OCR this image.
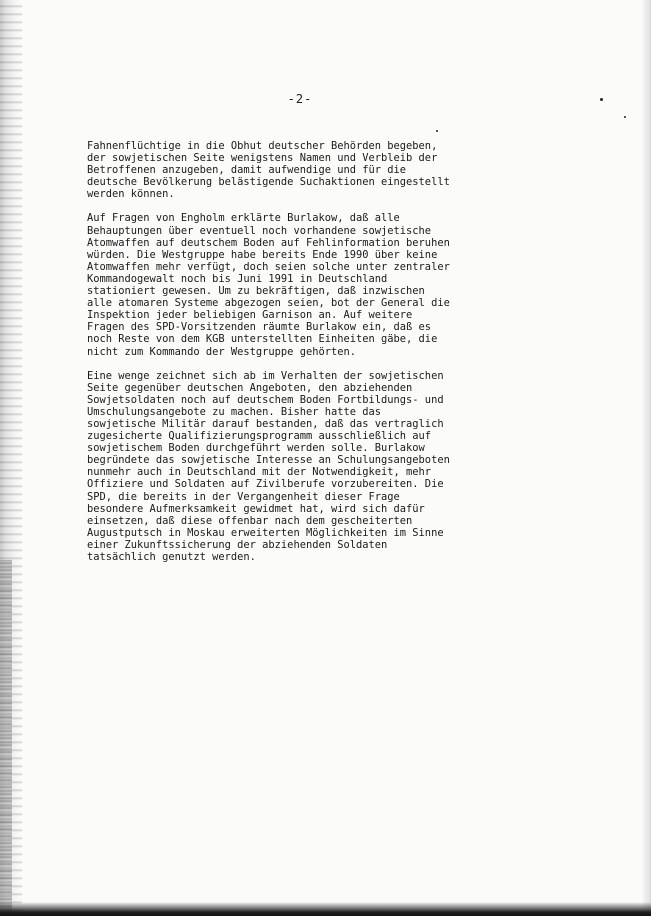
-2-
Fahnenflüchtige in die Obhut deutscher Behörden begeben,
der sowjetischen Seite wenigstens Namen und Verbleib der
Betroffenen anzugeben, damit aufwendige und für die
deutsche Bevölkerung belästigende Suchaktionen eingestellt
werden können.
Auf Fragen von Engholm erklärte Burlakow, daß alle
Behauptungen über eventuell noch vorhandene sowjetische
Atomwaffen auf deutschem Boden auf Fehlinformation beruhen
würden. Die Westgruppe habe bereits Ende 1990 über keine
Atomwaffen mehr verfügt, doch seien solche unter zentraler
Kommandogewalt noch bis Juni 1991 in Deutschland
stationiert gewesen. Um zu bekräftigen, daß inzwischen
alle atomaren Systeme abgezogen seien, bot der General die
Inspektion jeder beliebigen Garnison an. Auf weitere
Fragen des SPD-Vorsitzenden räumte Burlakow ein, daß es
noch Reste von dem KGB unterstellten Einheiten gäbe, die
nicht zum Kommando der Westgruppe gehörten.
Eine wenge zeichnet sich ab im Verhalten der sowjetischen
Seite gegenüber deutschen Angeboten, den abziehenden
Sowjetsoldaten noch auf deutschem Boden Fortbildungs- und
Umschulungsangebote zu machen. Bisher hatte das
sowjetische Militär darauf bestanden, daß das vertraglich
zugesicherte Qualifizierungsprogramm ausschließlich auf
sowjetischem Boden durchgeführt werden solle. Burlakow
begründete das sowjetische Interesse an Schulungsangeboten
nunmehr auch in Deutschland mit der Notwendigkeit, mehr
Offiziere und Soldaten auf Zivilberufe vorzubereiten. Die
SPD, die bereits in der Vergangenheit dieser Frage
besondere Aufmerksamkeit gewidmet hat, wird sich dafür
einsetzen, daß diese offenbar nach dem gescheiterten
Augustputsch in Moskau erweiterten Möglichkeiten im Sinne
einer Zukunftssicherung der abziehenden Soldaten
tatsächlich genutzt werden.
